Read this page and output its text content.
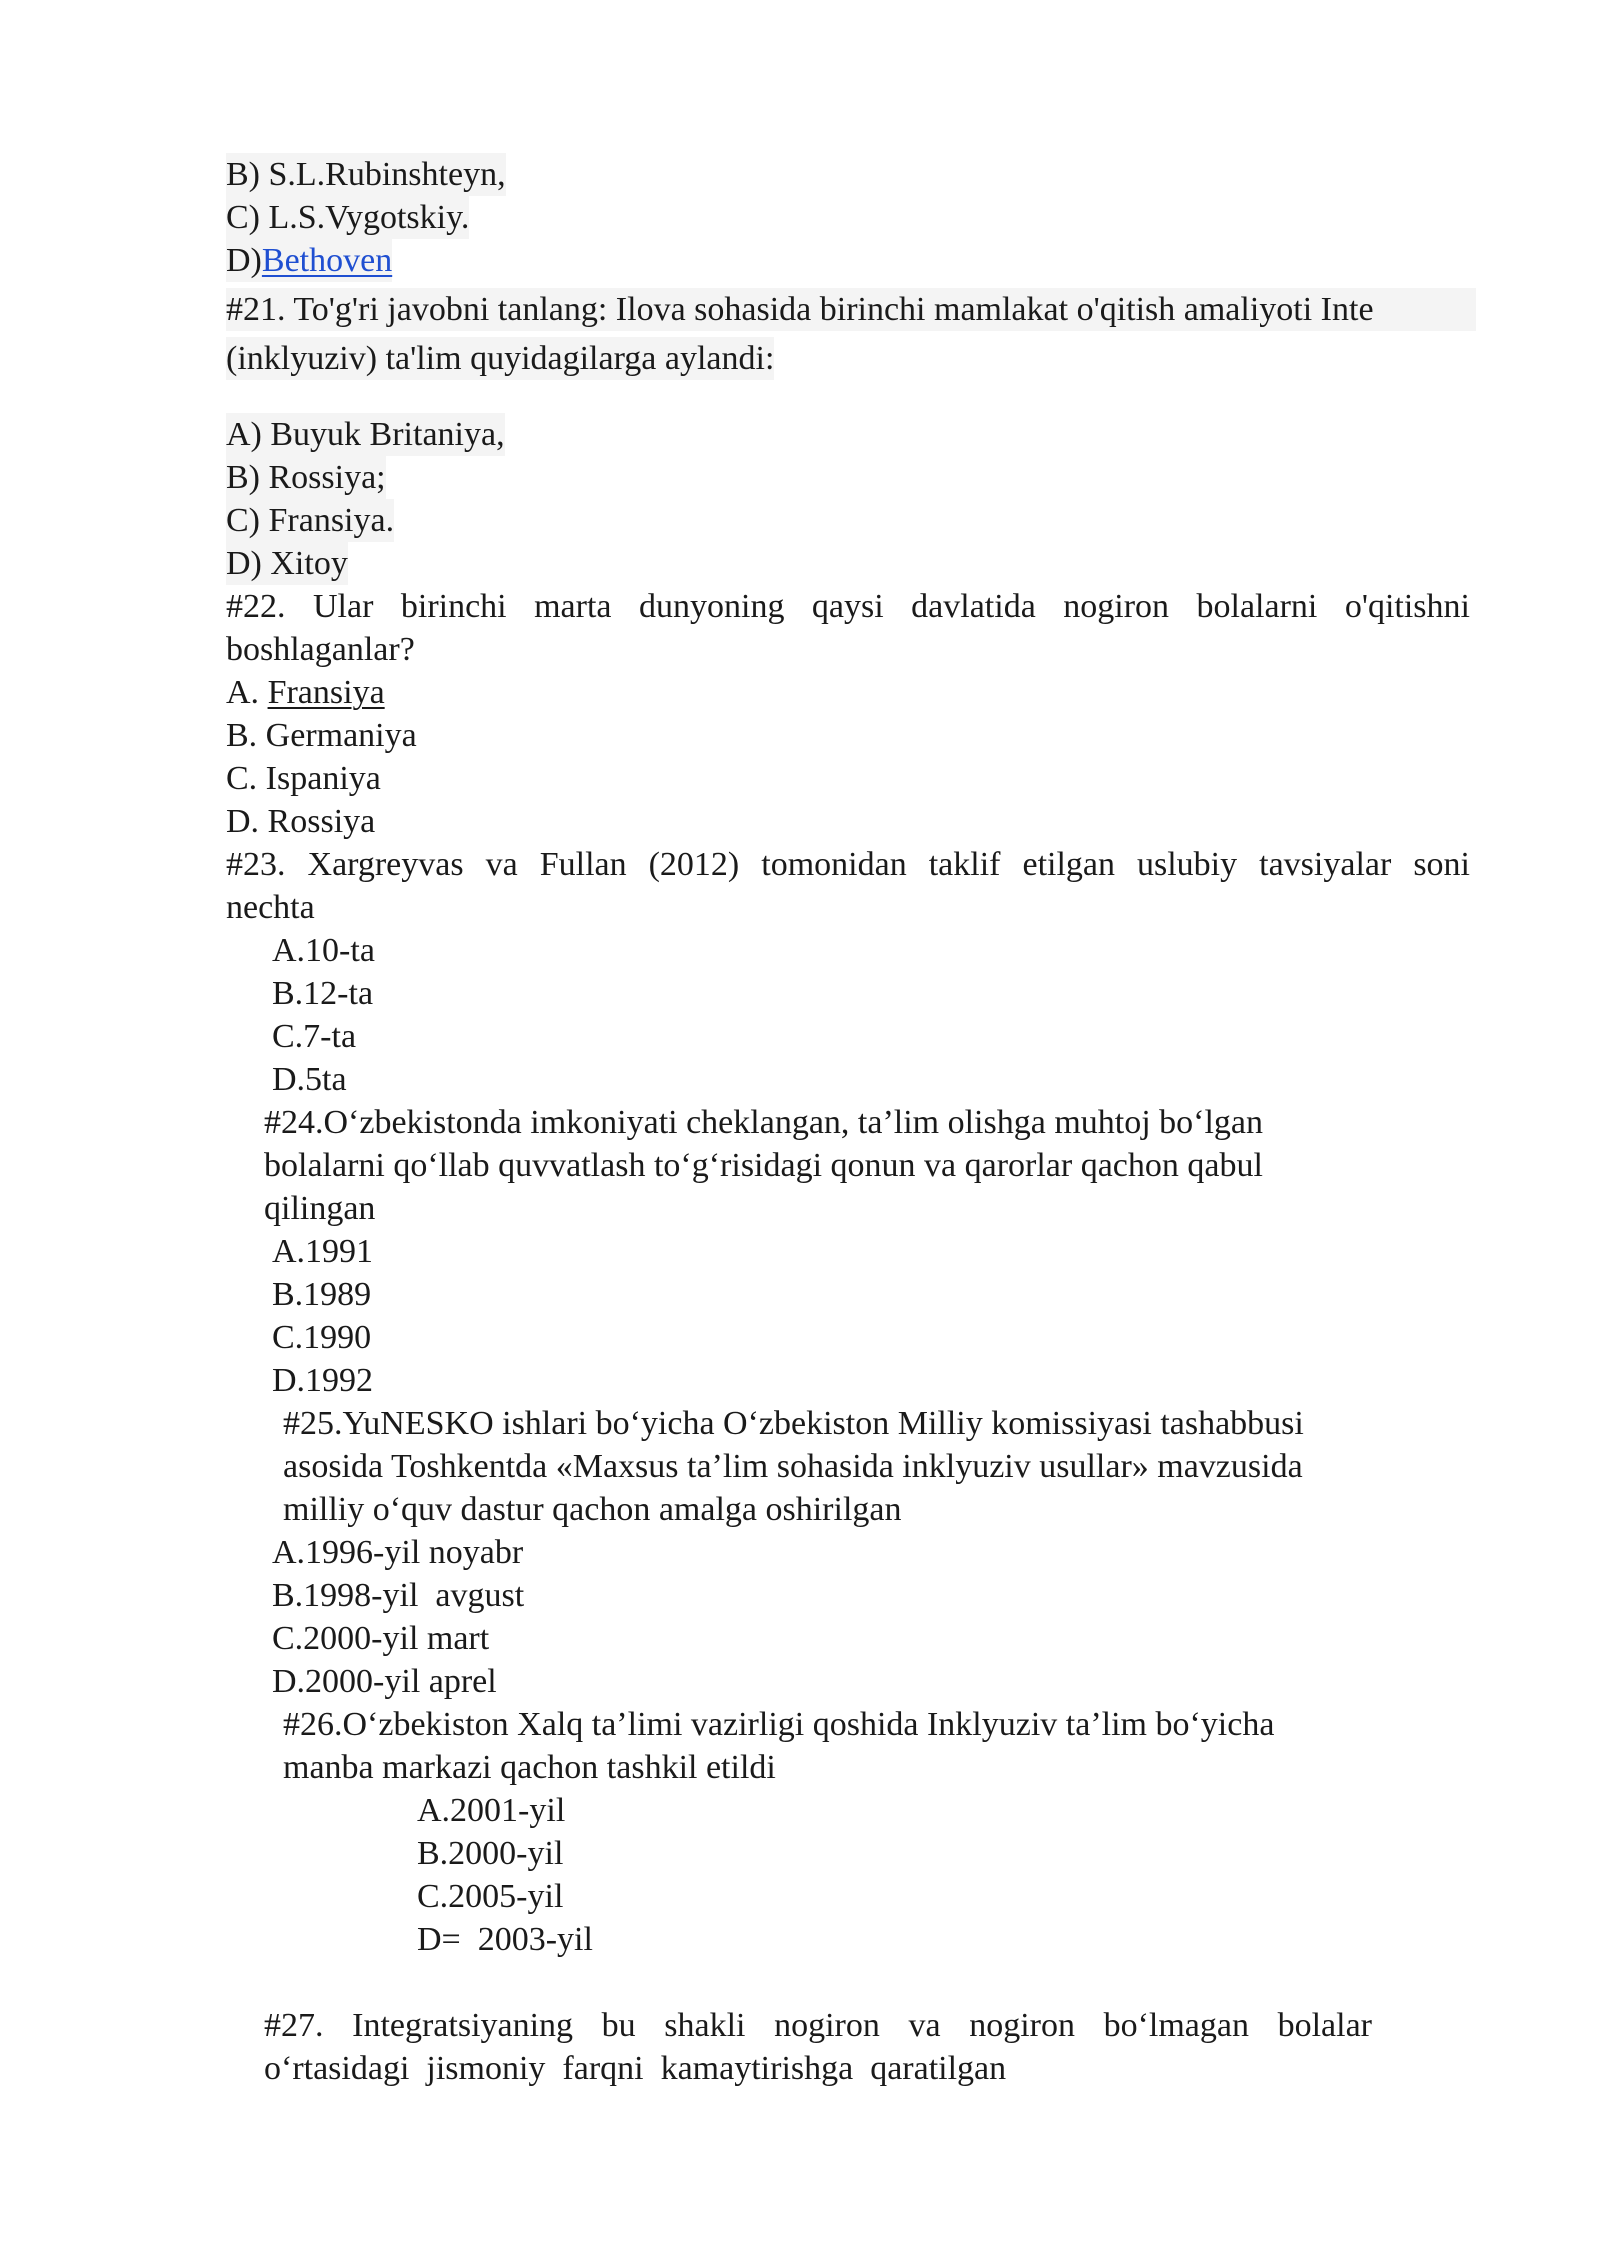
B) S.L.Rubinshteyn,
C) L.S.Vygotskiy.
D)Bethoven
#21. To'g'ri javobni tanlang: Ilova sohasida birinchi mamlakat o'qitish amaliyoti Inte
(inklyuziv) ta'lim quyidagilarga aylandi:
A) Buyuk Britaniya,
B) Rossiya;
C) Fransiya.
D) Xitoy
#22. Ular birinchi marta dunyoning qaysi davlatida nogiron bolalarni o'qitishni
boshlaganlar?
A. Fransiya
B. Germaniya
C. Ispaniya
D. Rossiya
#23. Xargreyvas va Fullan (2012) tomonidan taklif etilgan uslubiy tavsiyalar soni
nechta
A.10-ta
B.12-ta
C.7-ta
D.5ta
#24.O‘zbekistonda imkoniyati cheklangan, ta’lim olishga muhtoj bo‘lgan
bolalarni qo‘llab quvvatlash to‘g‘risidagi qonun va qarorlar qachon qabul
qilingan
A.1991
B.1989
C.1990
D.1992
#25.YuNESKO ishlari bo‘yicha O‘zbekiston Milliy komissiyasi tashabbusi
asosida Toshkentda «Maxsus ta’lim sohasida inklyuziv usullar» mavzusida
milliy o‘quv dastur qachon amalga oshirilgan
A.1996-yil noyabr
B.1998-yil  avgust
C.2000-yil mart
D.2000-yil aprel
#26.O‘zbekiston Xalq ta’limi vazirligi qoshida Inklyuziv ta’lim bo‘yicha
manba markazi qachon tashkil etildi
A.2001-yil
B.2000-yil
C.2005-yil
D=  2003-yil
#27. Integratsiyaning bu shakli nogiron va nogiron bo‘lmagan bolalar
o‘rtasidagi  jismoniy  farqni  kamaytirishga  qaratilgan
